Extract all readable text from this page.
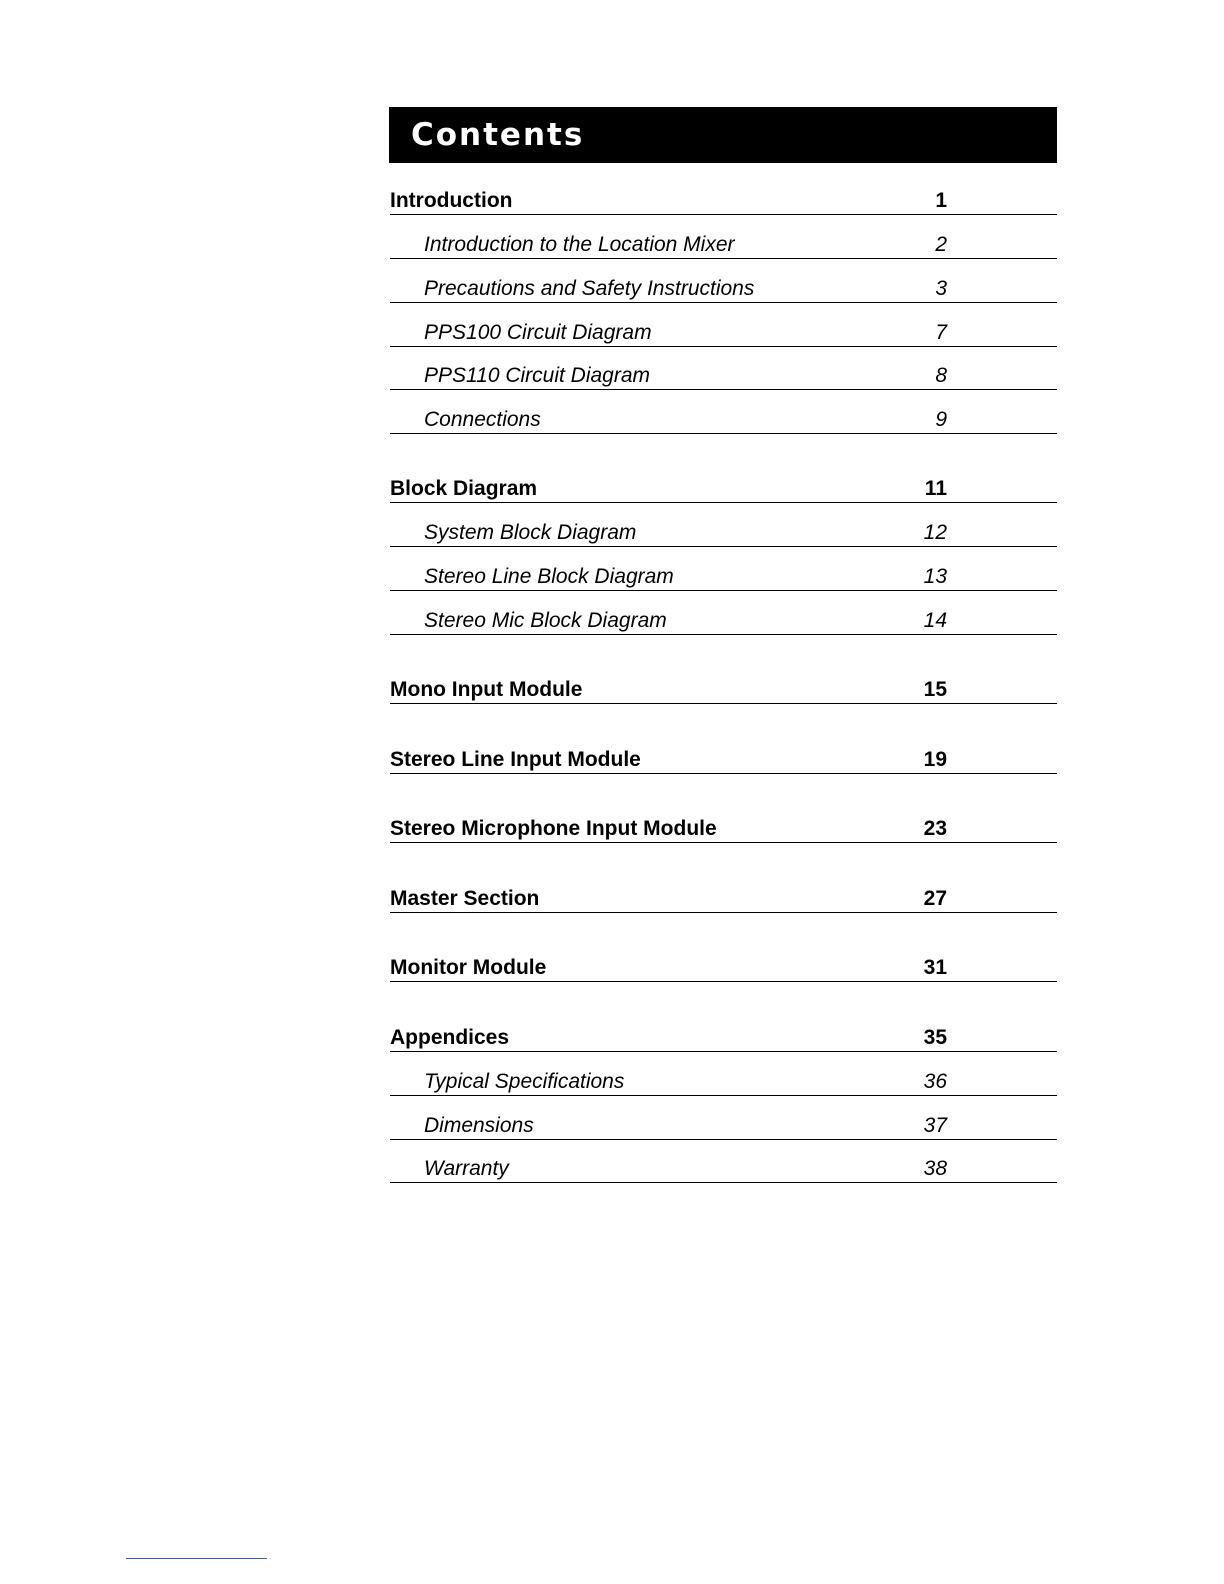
Contents
Introduction	1
Introduction to the Location Mixer	2
Precautions and Safety Instructions	3
PPS100 Circuit Diagram	7
PPS110 Circuit Diagram	8
Connections	9
Block Diagram	11
System Block Diagram	12
Stereo Line Block Diagram	13
Stereo Mic Block Diagram	14
Mono Input Module	15
Stereo Line Input Module	19
Stereo Microphone Input Module	23
Master Section	27
Monitor Module	31
Appendices	35
Typical Specifications	36
Dimensions	37
Warranty	38
